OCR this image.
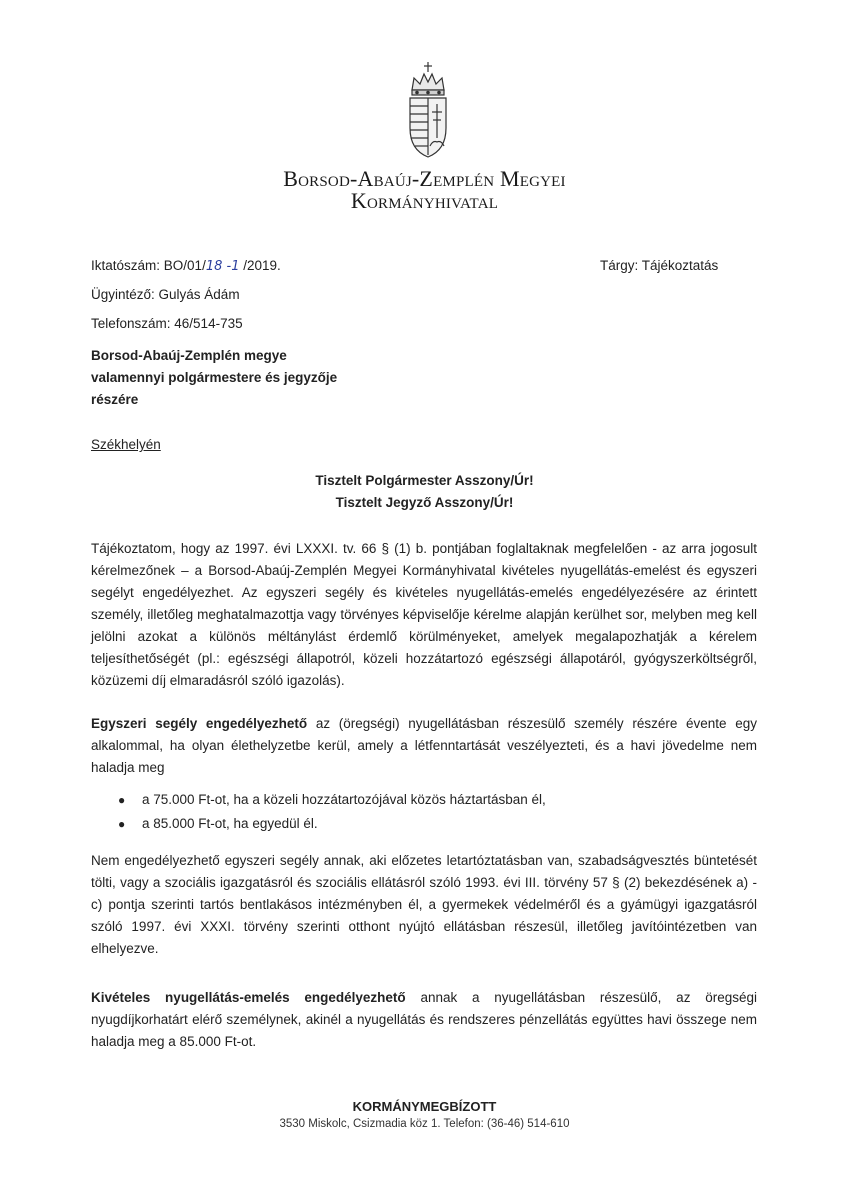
Borsod-Abaúj-Zemplén Megyei
Kormányhivatal
Iktatószám: BO/01/18 -1 /2019.
Ügyintéző: Gulyás Ádám
Telefonszám: 46/514-735
Tárgy: Tájékoztatás
Borsod-Abaúj-Zemplén megye
valamennyi polgármestere és jegyzője
részére
Székhelyén
Tisztelt Polgármester Asszony/Úr!
Tisztelt Jegyző Asszony/Úr!

Tájékoztatom, hogy az 1997. évi LXXXI. tv. 66 § (1) b. pontjában foglaltaknak megfelelően - az arra jogosult kérelmezőnek – a Borsod-Abaúj-Zemplén Megyei Kormányhivatal kivételes nyugellátás-emelést és egyszeri segélyt engedélyezhet. Az egyszeri segély és kivételes nyugellátás-emelés engedélyezésére az érintett személy, illetőleg meghatalmazottja vagy törvényes képviselője kérelme alapján kerülhet sor, melyben meg kell jelölni azokat a különös méltánylást érdemlő körülményeket, amelyek megalapozhatják a kérelem teljesíthetőségét (pl.: egészségi állapotról, közeli hozzátartozó egészségi állapotáról, gyógyszerköltségről, közüzemi díj elmaradásról szóló igazolás).

Egyszeri segély engedélyezhető az (öregségi) nyugellátásban részesülő személy részére évente egy alkalommal, ha olyan élethelyzetbe kerül, amely a létfenntartását veszélyezteti, és a havi jövedelme nem haladja meg

● a 75.000 Ft-ot, ha a közeli hozzátartozójával közös háztartásban él,
● a 85.000 Ft-ot, ha egyedül él.

Nem engedélyezhető egyszeri segély annak, aki előzetes letartóztatásban van, szabadságvesztés büntetését tölti, vagy a szociális igazgatásról és szociális ellátásról szóló 1993. évi III. törvény 57 § (2) bekezdésének a) - c) pontja szerinti tartós bentlakásos intézményben él, a gyermekek védelméről és a gyámügyi igazgatásról szóló 1997. évi XXXI. törvény szerinti otthont nyújtó ellátásban részesül, illetőleg javítóintézetben van elhelyezve.

Kivételes nyugellátás-emelés engedélyezhető annak a nyugellátásban részesülő, az öregségi nyugdíjkorhatárt elérő személynek, akinél a nyugellátás és rendszeres pénzellátás együttes havi összege nem haladja meg a 85.000 Ft-ot.

KORMÁNYMEGBÍZOTT
3530 Miskolc, Csizmadia köz 1. Telefon: (36-46) 514-610
